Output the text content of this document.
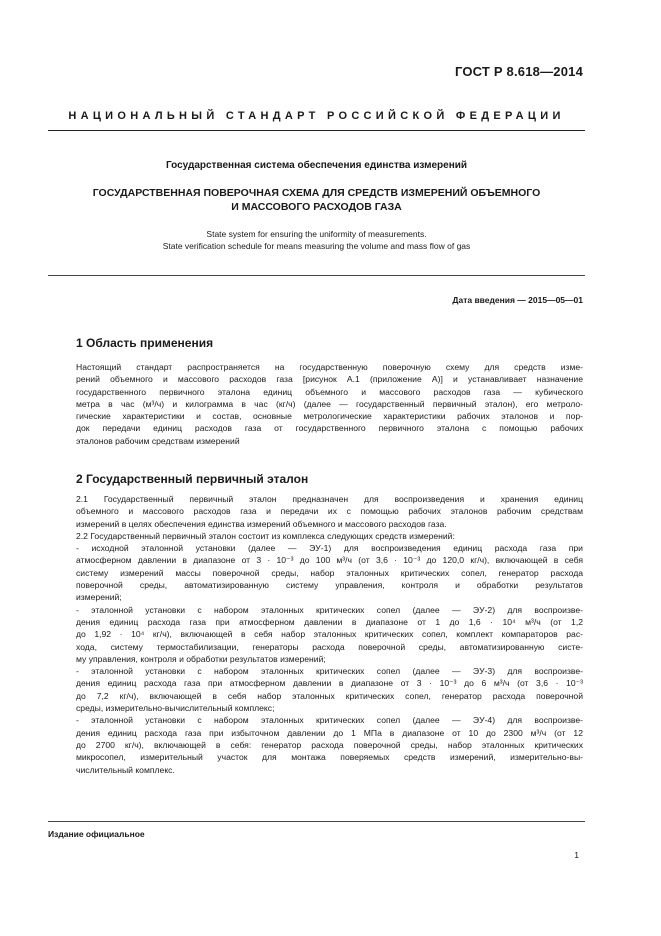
ГОСТ Р 8.618—2014
НАЦИОНАЛЬНЫЙ СТАНДАРТ РОССИЙСКОЙ ФЕДЕРАЦИИ
Государственная система обеспечения единства измерений
ГОСУДАРСТВЕННАЯ ПОВЕРОЧНАЯ СХЕМА ДЛЯ СРЕДСТВ ИЗМЕРЕНИЙ ОБЪЕМНОГО
И МАССОВОГО РАСХОДОВ ГАЗА
State system for ensuring the uniformity of measurements.
State verification schedule for means measuring the volume and mass flow of gas
Дата введения — 2015—05—01
1 Область применения
Настоящий стандарт распространяется на государственную поверочную схему для средств изме-
рений объемного и массового расходов газа [рисунок А.1 (приложение А)] и устанавливает назначение
государственного первичного эталона единиц объемного и массового расходов газа — кубического
метра в час (м³/ч) и килограмма в час (кг/ч) (далее — государственный первичный эталон), его метроло-
гические характеристики и состав, основные метрологические характеристики рабочих эталонов и пор-
док передачи единиц расходов газа от государственного первичного эталона с помощью рабочих
эталонов рабочим средствам измерений
2 Государственный первичный эталон
2.1 Государственный первичный эталон предназначен для воспроизведения и хранения единиц
объемного и массового расходов газа и передачи их с помощью рабочих эталонов рабочим средствам
измерений в целях обеспечения единства измерений объемного и массового расходов газа.
2.2 Государственный первичный эталон состоит из комплекса следующих средств измерений:
- исходной эталонной установки (далее — ЭУ-1) для воспроизведения единиц расхода газа при
атмосферном давлении в диапазоне от 3 · 10⁻³ до 100 м³/ч (от 3,6 · 10⁻³ до 120,0 кг/ч), включающей в себя
систему измерений массы поверочной среды, набор эталонных критических сопел, генератор расхода
поверочной среды, автоматизированную систему управления, контроля и обработки результатов
измерений;
- эталонной установки с набором эталонных критических сопел (далее — ЭУ-2) для воспроизве-
дения единиц расхода газа при атмосферном давлении в диапазоне от 1 до 1,6 · 10⁴ м³/ч (от 1,2
до 1,92 · 10⁴ кг/ч), включающей в себя набор эталонных критических сопел, комплект компараторов рас-
хода, систему термостабилизации, генераторы расхода поверочной среды, автоматизированную систе-
му управления, контроля и обработки результатов измерений;
- эталонной установки с набором эталонных критических сопел (далее — ЭУ-3) для воспроизве-
дения единиц расхода газа при атмосферном давлении в диапазоне от 3 · 10⁻³ до 6 м³/ч (от 3,6 · 10⁻³
до 7,2 кг/ч), включающей в себя набор эталонных критических сопел, генератор расхода поверочной
среды, измерительно-вычислительный комплекс;
- эталонной установки с набором эталонных критических сопел (далее — ЭУ-4) для воспроизве-
дения единиц расхода газа при избыточном давлении до 1 МПа в диапазоне от 10 до 2300 м³/ч (от 12
до 2700 кг/ч), включающей в себя: генератор расхода поверочной среды, набор эталонных критических
микросопел, измерительный участок для монтажа поверяемых средств измерений, измерительно-вы-
числительный комплекс.
Издание официальное
1
